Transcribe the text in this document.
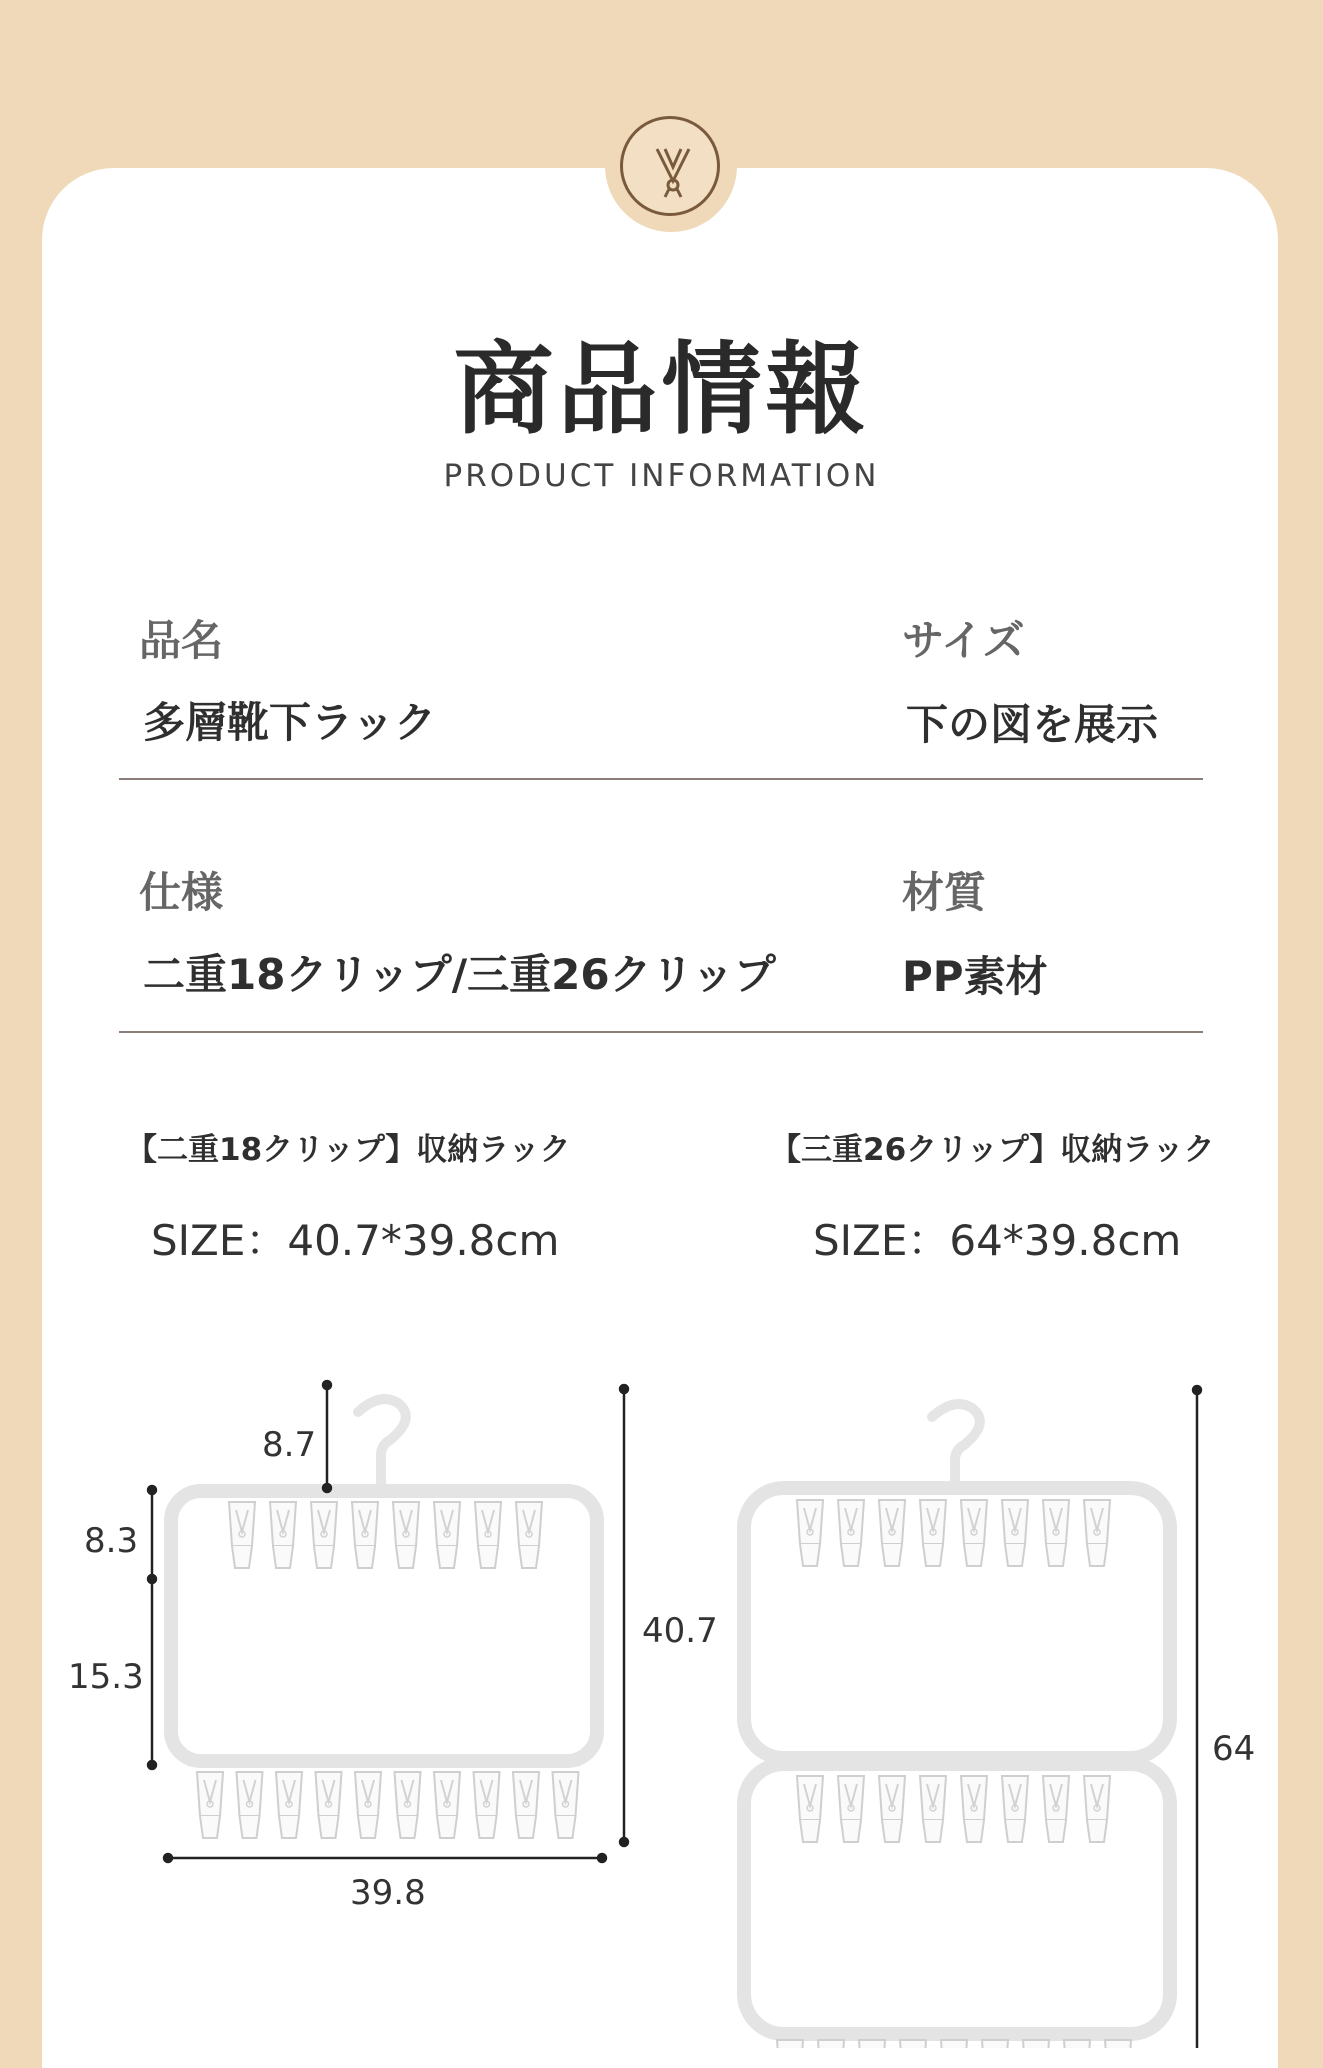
商品情報
PRODUCT INFORMATION
品名
多層靴下ラック
サイズ
下の図を展示
仕様
二重18クリップ/三重26クリップ
材質
PP素材
【二重18クリップ】収納ラック
SIZE：40.7*39.8cm
【三重26クリップ】収納ラック
SIZE：64*39.8cm
8.7
8.3
15.3
40.7
39.8
64
